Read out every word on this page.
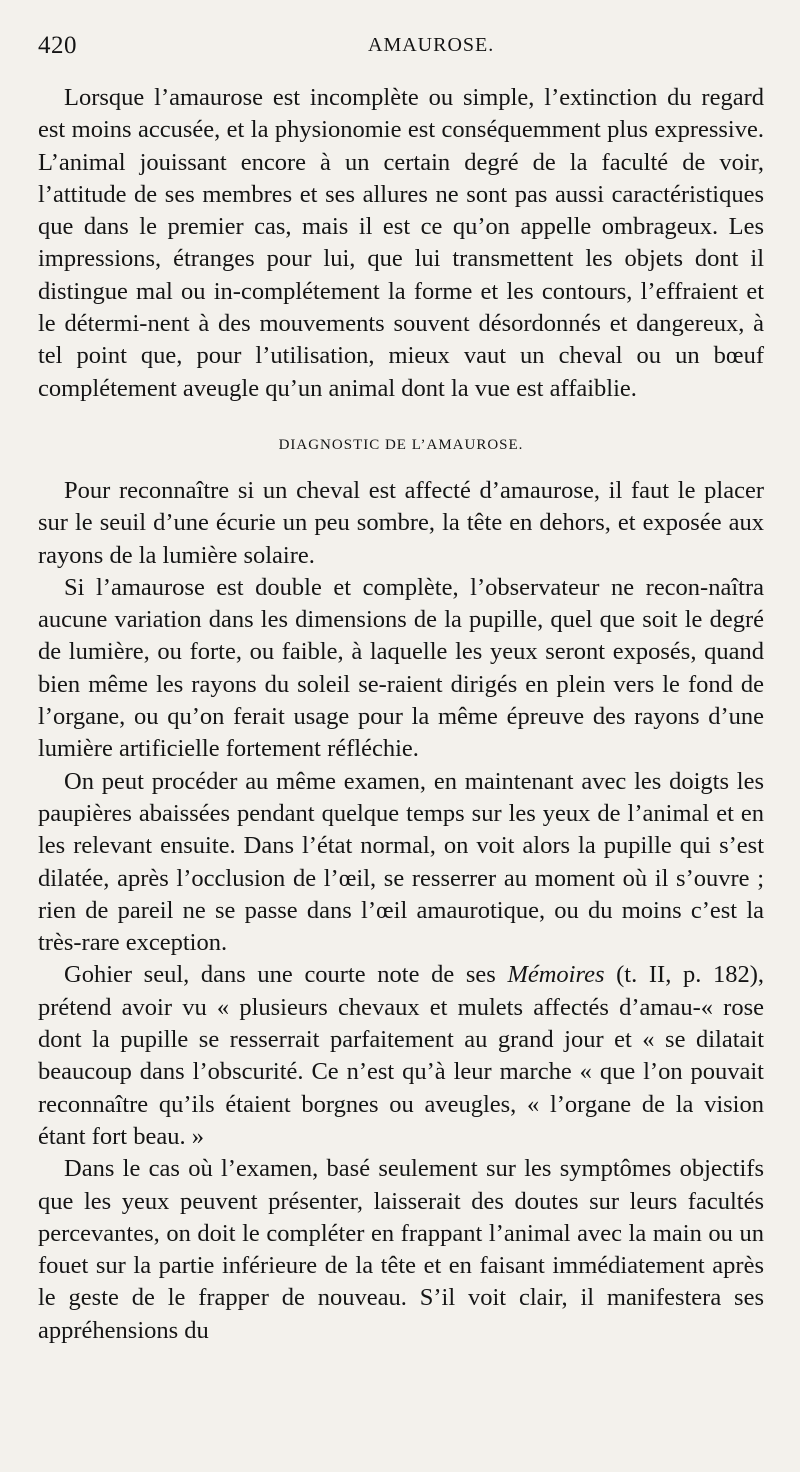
420	AMAUROSE.

Lorsque l’amaurose est incomplète ou simple, l’extinction du regard est moins accusée, et la physionomie est conséquemment plus expressive. L’animal jouissant encore à un certain degré de la faculté de voir, l’attitude de ses membres et ses allures ne sont pas aussi caractéristiques que dans le premier cas, mais il est ce qu’on appelle ombrageux. Les impressions, étranges pour lui, que lui transmettent les objets dont il distingue mal ou in-complétement la forme et les contours, l’effraient et le détermi-nent à des mouvements souvent désordonnés et dangereux, à tel point que, pour l’utilisation, mieux vaut un cheval ou un bœuf complétement aveugle qu’un animal dont la vue est affaiblie.

DIAGNOSTIC DE L’AMAUROSE.

Pour reconnaître si un cheval est affecté d’amaurose, il faut le placer sur le seuil d’une écurie un peu sombre, la tête en dehors, et exposée aux rayons de la lumière solaire.

Si l’amaurose est double et complète, l’observateur ne recon-naîtra aucune variation dans les dimensions de la pupille, quel que soit le degré de lumière, ou forte, ou faible, à laquelle les yeux seront exposés, quand bien même les rayons du soleil se-raient dirigés en plein vers le fond de l’organe, ou qu’on ferait usage pour la même épreuve des rayons d’une lumière artificielle fortement réfléchie.

On peut procéder au même examen, en maintenant avec les doigts les paupières abaissées pendant quelque temps sur les yeux de l’animal et en les relevant ensuite. Dans l’état normal, on voit alors la pupille qui s’est dilatée, après l’occlusion de l’œil, se resserrer au moment où il s’ouvre ; rien de pareil ne se passe dans l’œil amaurotique, ou du moins c’est la très-rare exception.

Gohier seul, dans une courte note de ses Mémoires (t. II, p. 182), prétend avoir vu « plusieurs chevaux et mulets affectés d’amau-« rose dont la pupille se resserrait parfaitement au grand jour et « se dilatait beaucoup dans l’obscurité. Ce n’est qu’à leur marche « que l’on pouvait reconnaître qu’ils étaient borgnes ou aveugles, « l’organe de la vision étant fort beau. »

Dans le cas où l’examen, basé seulement sur les symptômes objectifs que les yeux peuvent présenter, laisserait des doutes sur leurs facultés percevantes, on doit le compléter en frappant l’animal avec la main ou un fouet sur la partie inférieure de la tête et en faisant immédiatement après le geste de le frapper de nouveau. S’il voit clair, il manifestera ses appréhensions du
